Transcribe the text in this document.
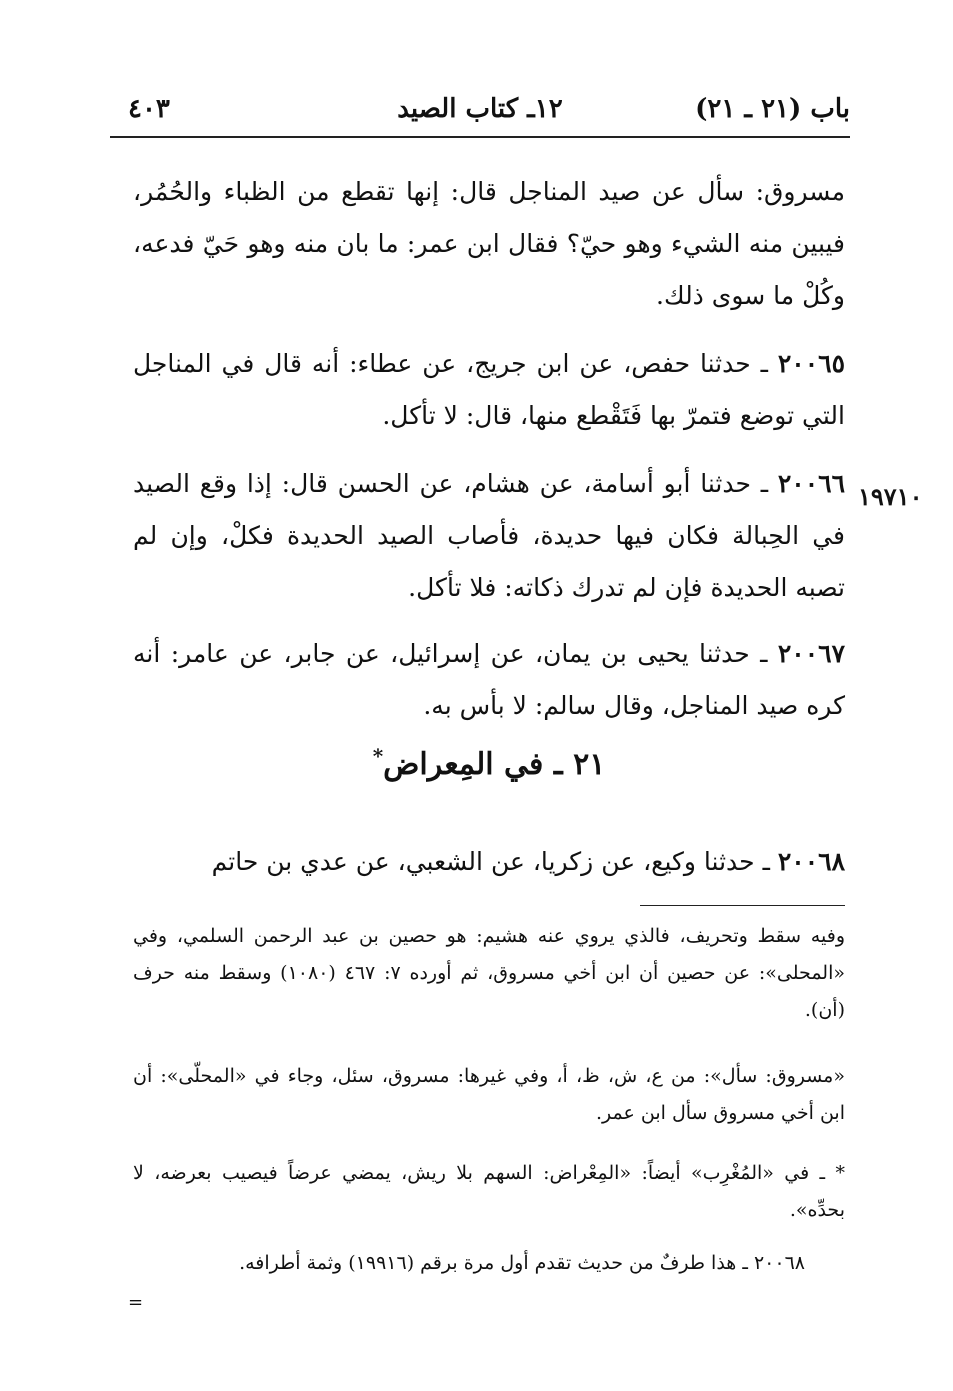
٤٠٣	١٢ـ كتاب الصيد	باب (٢١ ـ ٢١)
مسروق: سأل عن صيد المناجل قال: إنها تقطع من الظباء والحُمُر، فيبين منه الشيء وهو حيّ؟ فقال ابن عمر: ما بان منه وهو حَيّ فدعه، وكُلْ ما سوى ذلك.
٢٠٠٦٥ ـ حدثنا حفص، عن ابن جريج، عن عطاء: أنه قال في المناجل التي توضع فتمرّ بها فَتَقْطع منها، قال: لا تأكل.
١٩٧١٠
٢٠٠٦٦ ـ حدثنا أبو أسامة، عن هشام، عن الحسن قال: إذا وقع الصيد في الحِبالة فكان فيها حديدة، فأصاب الصيد الحديدة فكلْ، وإن لم تصبه الحديدة فإن لم تدرك ذكاته: فلا تأكل.
٢٠٠٦٧ ـ حدثنا يحيى بن يمان، عن إسرائيل، عن جابر، عن عامر: أنه كره صيد المناجل، وقال سالم: لا بأس به.
٢١ ـ في المِعراض*
٢٠٠٦٨ ـ حدثنا وكيع، عن زكريا، عن الشعبي، عن عدي بن حاتم
وفيه سقط وتحريف، فالذي يروي عنه هشيم: هو حصين بن عبد الرحمن السلمي، وفي «المحلى»: عن حصين أن ابن أخي مسروق، ثم أورده ٧: ٤٦٧ (١٠٨٠) وسقط منه حرف (أن).
«مسروق: سأل»: من ع، ش، ظ، أ، وفي غيرها: مسروق، سئل، وجاء في «المحلّى»: أن ابن أخي مسروق سأل ابن عمر.
* ـ في «المُغْرِب» أيضاً: «المِعْراض: السهم بلا ريش، يمضي عرضاً فيصيب بعرضه، لا بحدِّه».
٢٠٠٦٨ ـ هذا طرفٌ من حديث تقدم أول مرة برقم (١٩٩١٦) وثمة أطرافه.
=
